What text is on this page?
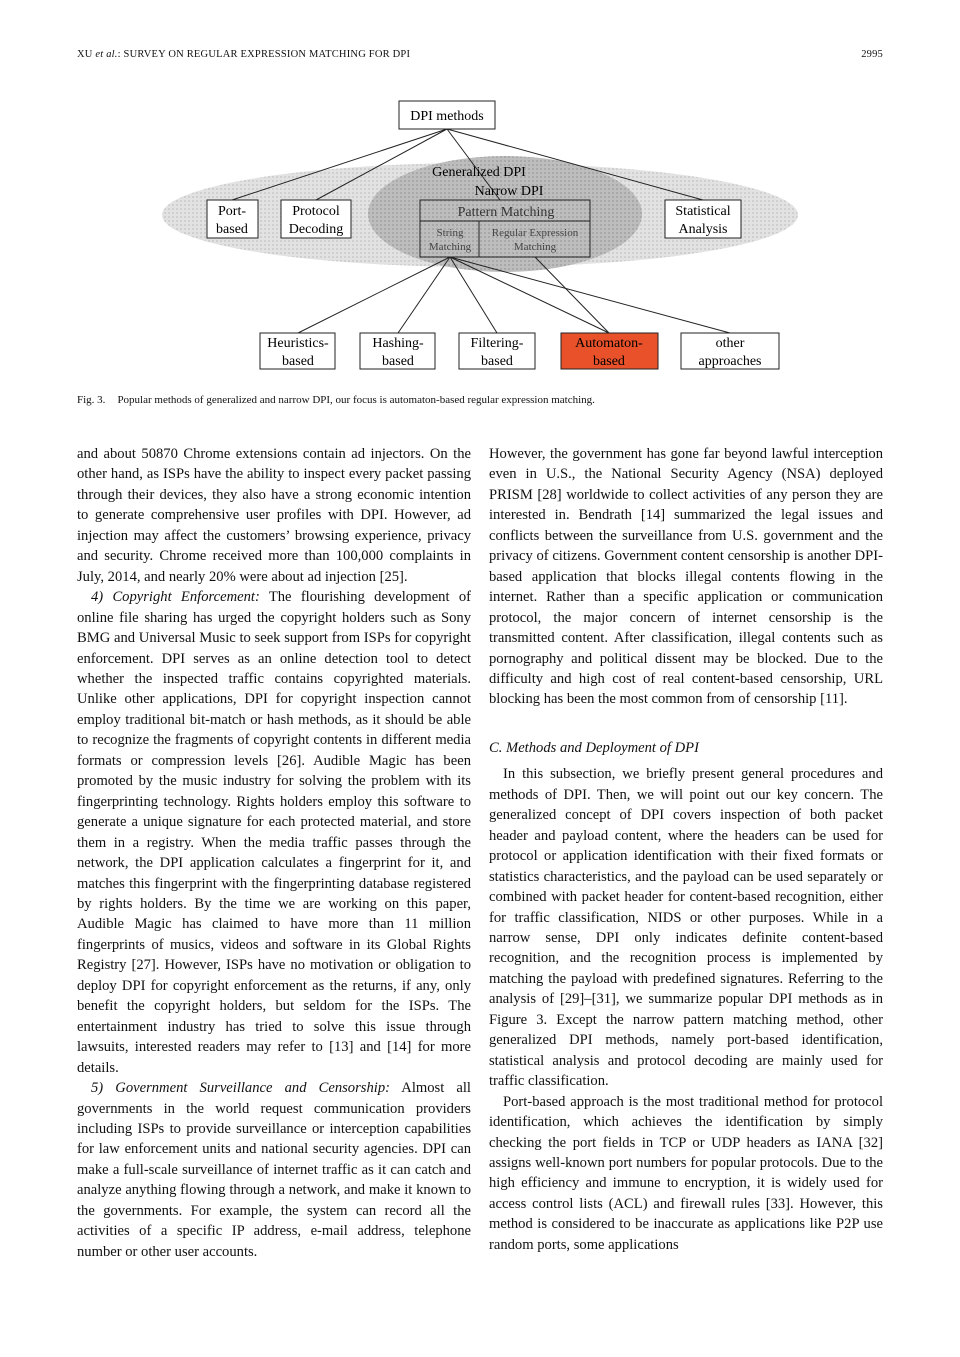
XU et al.: SURVEY ON REGULAR EXPRESSION MATCHING FOR DPI	2995
DPI methods
Generalized DPI
Narrow DPI
Port-
based
Protocol
Decoding
Pattern Matching
String
Matching
Regular Expression
Matching
Statistical
Analysis
Heuristics-
based
Hashing-
based
Filtering-
based
Automaton-
based
other
approaches
Fig. 3. Popular methods of generalized and narrow DPI, our focus is automaton-based regular expression matching.

and about 50870 Chrome extensions contain ad injectors. On the other hand, as ISPs have the ability to inspect every packet passing through their devices, they also have a strong economic intention to generate comprehensive user profiles with DPI. However, ad injection may affect the customers’ browsing experience, privacy and security. Chrome received more than 100,000 complaints in July, 2014, and nearly 20% were about ad injection [25].

4) Copyright Enforcement: The flourishing development of online file sharing has urged the copyright holders such as Sony BMG and Universal Music to seek support from ISPs for copyright enforcement. DPI serves as an online detection tool to detect whether the inspected traffic contains copyrighted materials. Unlike other applications, DPI for copyright inspection cannot employ traditional bit-match or hash methods, as it should be able to recognize the fragments of copyright contents in different media formats or compression levels [26]. Audible Magic has been promoted by the music industry for solving the problem with its fingerprinting technology. Rights holders employ this software to generate a unique signature for each protected material, and store them in a registry. When the media traffic passes through the network, the DPI application calculates a fingerprint for it, and matches this fingerprint with the fingerprinting database registered by rights holders. By the time we are working on this paper, Audible Magic has claimed to have more than 11 million fingerprints of musics, videos and software in its Global Rights Registry [27]. However, ISPs have no motivation or obligation to deploy DPI for copyright enforcement as the returns, if any, only benefit the copyright holders, but seldom for the ISPs. The entertainment industry has tried to solve this issue through lawsuits, interested readers may refer to [13] and [14] for more details.

5) Government Surveillance and Censorship: Almost all governments in the world request communication providers including ISPs to provide surveillance or interception capabilities for law enforcement units and national security agencies. DPI can make a full-scale surveillance of internet traffic as it can catch and analyze anything flowing through a network, and make it known to the governments. For example, the system can record all the activities of a specific IP address, e-mail address, telephone number or other user accounts.

However, the government has gone far beyond lawful interception even in U.S., the National Security Agency (NSA) deployed PRISM [28] worldwide to collect activities of any person they are interested in. Bendrath [14] summarized the legal issues and conflicts between the surveillance from U.S. government and the privacy of citizens. Government content censorship is another DPI-based application that blocks illegal contents flowing in the internet. Rather than a specific application or communication protocol, the major concern of internet censorship is the transmitted content. After classification, illegal contents such as pornography and political dissent may be blocked. Due to the difficulty and high cost of real content-based censorship, URL blocking has been the most common from of censorship [11].

C. Methods and Deployment of DPI

In this subsection, we briefly present general procedures and methods of DPI. Then, we will point out our key concern. The generalized concept of DPI covers inspection of both packet header and payload content, where the headers can be used for protocol or application identification with their fixed formats or statistics characteristics, and the payload can be used separately or combined with packet header for content-based recognition, either for traffic classification, NIDS or other purposes. While in a narrow sense, DPI only indicates definite content-based recognition, and the recognition process is implemented by matching the payload with predefined signatures. Referring to the analysis of [29]–[31], we summarize popular DPI methods as in Figure 3. Except the narrow pattern matching method, other generalized DPI methods, namely port-based identification, statistical analysis and protocol decoding are mainly used for traffic classification.

Port-based approach is the most traditional method for protocol identification, which achieves the identification by simply checking the port fields in TCP or UDP headers as IANA [32] assigns well-known port numbers for popular protocols. Due to the high efficiency and immune to encryption, it is widely used for access control lists (ACL) and firewall rules [33]. However, this method is considered to be inaccurate as applications like P2P use random ports, some applications
